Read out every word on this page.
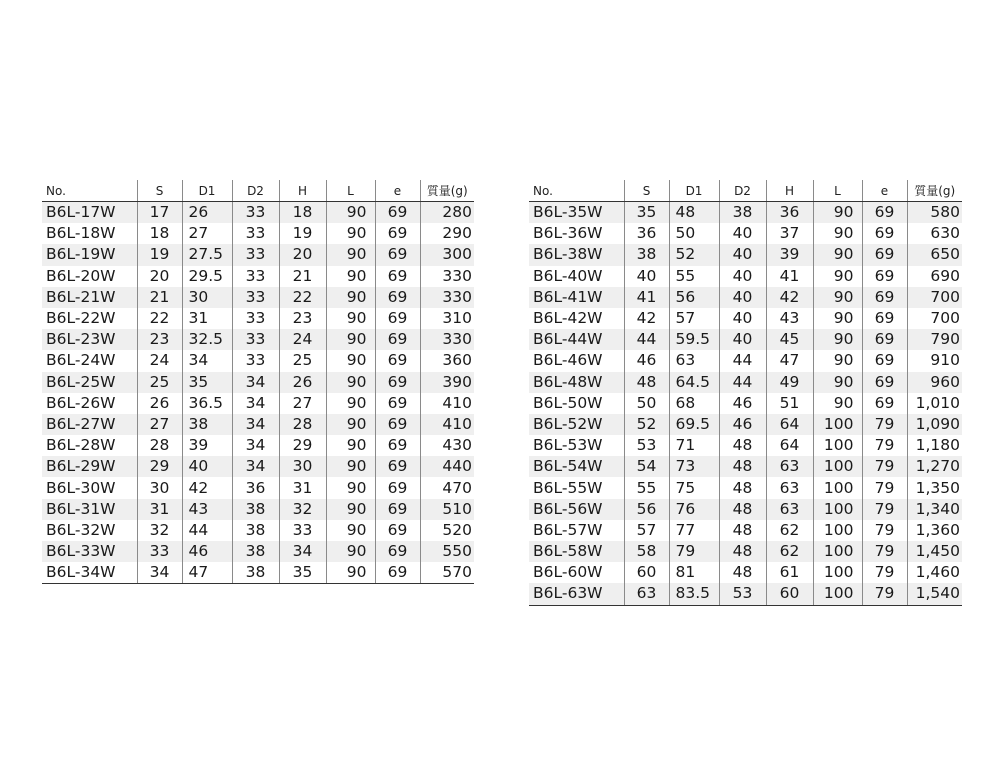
No.	S	D1	D2	H	L	e	質量(g)
B6L-17W	17	26	33	18	90	69	280
B6L-18W	18	27	33	19	90	69	290
B6L-19W	19	27.5	33	20	90	69	300
B6L-20W	20	29.5	33	21	90	69	330
B6L-21W	21	30	33	22	90	69	330
B6L-22W	22	31	33	23	90	69	310
B6L-23W	23	32.5	33	24	90	69	330
B6L-24W	24	34	33	25	90	69	360
B6L-25W	25	35	34	26	90	69	390
B6L-26W	26	36.5	34	27	90	69	410
B6L-27W	27	38	34	28	90	69	410
B6L-28W	28	39	34	29	90	69	430
B6L-29W	29	40	34	30	90	69	440
B6L-30W	30	42	36	31	90	69	470
B6L-31W	31	43	38	32	90	69	510
B6L-32W	32	44	38	33	90	69	520
B6L-33W	33	46	38	34	90	69	550
B6L-34W	34	47	38	35	90	69	570
No.	S	D1	D2	H	L	e	質量(g)
B6L-35W	35	48	38	36	90	69	580
B6L-36W	36	50	40	37	90	69	630
B6L-38W	38	52	40	39	90	69	650
B6L-40W	40	55	40	41	90	69	690
B6L-41W	41	56	40	42	90	69	700
B6L-42W	42	57	40	43	90	69	700
B6L-44W	44	59.5	40	45	90	69	790
B6L-46W	46	63	44	47	90	69	910
B6L-48W	48	64.5	44	49	90	69	960
B6L-50W	50	68	46	51	90	69	1,010
B6L-52W	52	69.5	46	64	100	79	1,090
B6L-53W	53	71	48	64	100	79	1,180
B6L-54W	54	73	48	63	100	79	1,270
B6L-55W	55	75	48	63	100	79	1,350
B6L-56W	56	76	48	63	100	79	1,340
B6L-57W	57	77	48	62	100	79	1,360
B6L-58W	58	79	48	62	100	79	1,450
B6L-60W	60	81	48	61	100	79	1,460
B6L-63W	63	83.5	53	60	100	79	1,540
